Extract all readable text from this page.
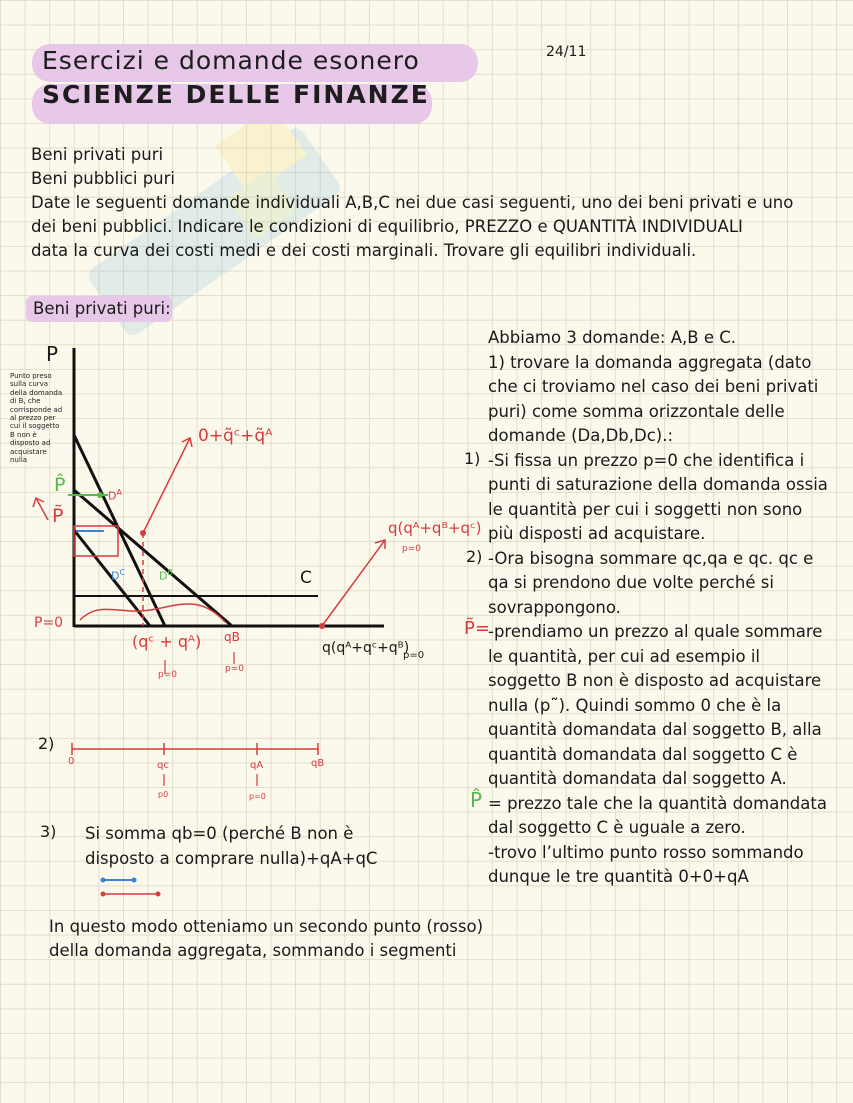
Esercizi e domande esonero
SCIENZE DELLE FINANZE
24/11
Beni privati puri
Beni pubblici puri
Date le seguenti domande individuali A,B,C nei due casi seguenti, uno dei beni privati e uno
dei beni pubblici. Indicare le condizioni di equilibrio, PREZZO e QUANTITÀ INDIVIDUALI
data la curva dei costi medi e dei costi marginali. Trovare gli equilibri individuali.
Beni privati puri:
P
Punto preso
sulla curva
della domanda
di B, che
corrisponde ad
al prezzo per
cui il soggetto
B non è
disposto ad
acquistare
nulla
P̂
P̃
P=0
$D^A$
$D^B$
$D^C$	C
0+q̃ᶜ+q̃ᴬ
q(qᴬ+qᴮ+qᶜ)
p=0
q(qᴬ+qᶜ+qᴮ)
p=0
(qᶜ + qᴬ)
p=0
qB
p=0
2)
0	qc	qA	qB
p0	p=0
3) Si somma qb=0 (perché B non è
disposto a comprare nulla)+qA+qC
In questo modo otteniamo un secondo punto (rosso)
della domanda aggregata, sommando i segmenti
Abbiamo 3 domande: A,B e C.
1) trovare la domanda aggregata (dato
che ci troviamo nel caso dei beni privati
puri) come somma orizzontale delle
domande (Da,Db,Dc).:
-Si fissa un prezzo p=0 che identifica i
punti di saturazione della domanda ossia
le quantità per cui i soggetti non sono
più disposti ad acquistare.
-Ora bisogna sommare qc,qa e qc. qc e
qa si prendono due volte perché si
sovrappongono.
-prendiamo un prezzo al quale sommare
le quantità, per cui ad esempio il
soggetto B non è disposto ad acquistare
nulla (p˜). Quindi sommo 0 che è la
quantità domandata dal soggetto B, alla
quantità domandata dal soggetto C è
quantità domandata dal soggetto A.
= prezzo tale che la quantità domandata
dal soggetto C è uguale a zero.
-trovo l’ultimo punto rosso sommando
dunque le tre quantità 0+0+qA
1)
2)
P̃=
P̂
